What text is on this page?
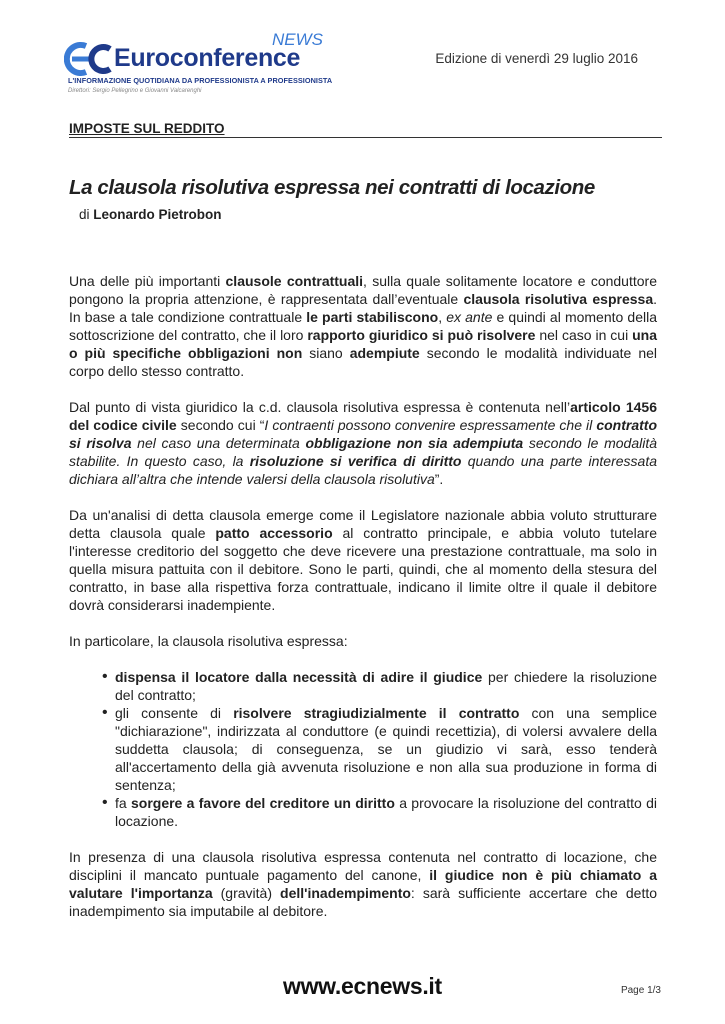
NEWS
Euroconference
L'INFORMAZIONE QUOTIDIANA DA PROFESSIONISTA A PROFESSIONISTA
Direttori: Sergio Pellegrino e Giovanni Valcarenghi
Edizione di venerdì 29 luglio 2016
IMPOSTE SUL REDDITO
La clausola risolutiva espressa nei contratti di locazione
di Leonardo Pietrobon

Una delle più importanti clausole contrattuali, sulla quale solitamente locatore e conduttore pongono la propria attenzione, è rappresentata dall’eventuale clausola risolutiva espressa. In base a tale condizione contrattuale le parti stabiliscono, ex ante e quindi al momento della sottoscrizione del contratto, che il loro rapporto giuridico si può risolvere nel caso in cui una o più specifiche obbligazioni non siano adempiute secondo le modalità individuate nel corpo dello stesso contratto.

Dal punto di vista giuridico la c.d. clausola risolutiva espressa è contenuta nell’articolo 1456 del codice civile secondo cui “I contraenti possono convenire espressamente che il contratto si risolva nel caso una determinata obbligazione non sia adempiuta secondo le modalità stabilite. In questo caso, la risoluzione si verifica di diritto quando una parte interessata dichiara all’altra che intende valersi della clausola risolutiva”.

Da un'analisi di detta clausola emerge come il Legislatore nazionale abbia voluto strutturare detta clausola quale patto accessorio al contratto principale, e abbia voluto tutelare l'interesse creditorio del soggetto che deve ricevere una prestazione contrattuale, ma solo in quella misura pattuita con il debitore. Sono le parti, quindi, che al momento della stesura del contratto, in base alla rispettiva forza contrattuale, indicano il limite oltre il quale il debitore dovrà considerarsi inadempiente.

In particolare, la clausola risolutiva espressa:

• dispensa il locatore dalla necessità di adire il giudice per chiedere la risoluzione del contratto;
• gli consente di risolvere stragiudizialmente il contratto con una semplice "dichiarazione", indirizzata al conduttore (e quindi recettizia), di volersi avvalere della suddetta clausola; di conseguenza, se un giudizio vi sarà, esso tenderà all'accertamento della già avvenuta risoluzione e non alla sua produzione in forma di sentenza;
• fa sorgere a favore del creditore un diritto a provocare la risoluzione del contratto di locazione.

In presenza di una clausola risolutiva espressa contenuta nel contratto di locazione, che disciplini il mancato puntuale pagamento del canone, il giudice non è più chiamato a valutare l'importanza (gravità) dell'inadempimento: sarà sufficiente accertare che detto inadempimento sia imputabile al debitore.

www.ecnews.it	Page 1/3
